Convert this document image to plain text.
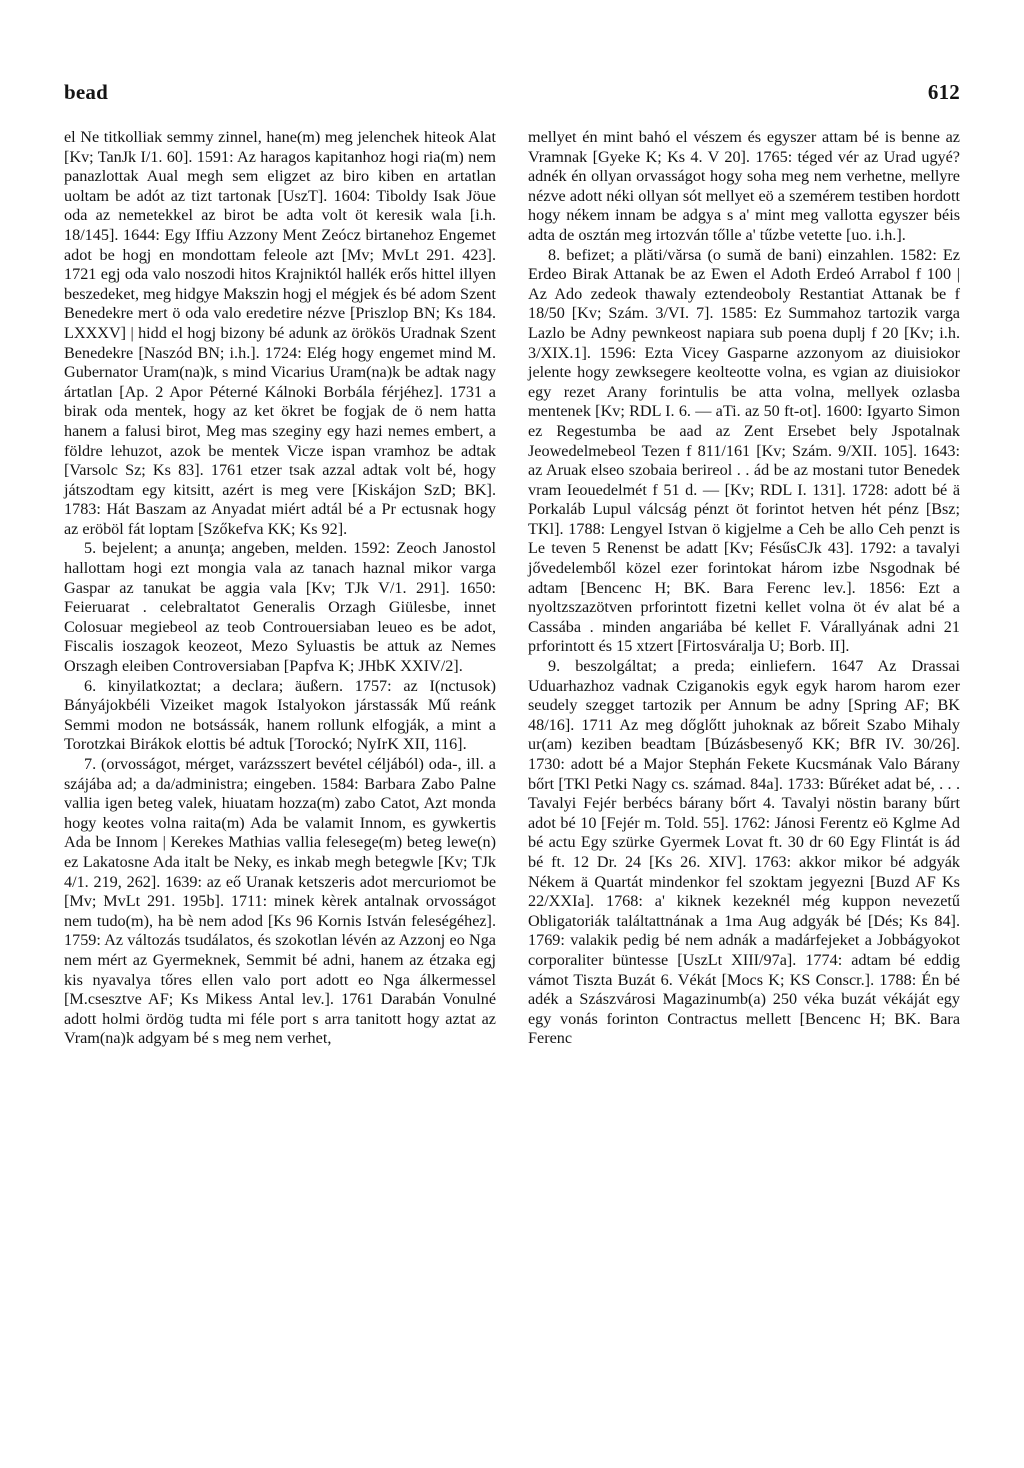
bead	612

el Ne titkolliak semmy zinnel, hane(m) meg jelenchek hiteok Alat [Kv; TanJk I/1. 60]. 1591: Az haragos kapitanhoz hogi ria(m) nem panazlottak Aual megh sem eligzet az biro kiben en artatlan uoltam be adót az tizt tartonak [UszT]. 1604: Tiboldy Isak Jöue oda az nemetekkel az birot be adta volt öt keresik wala [i.h. 18/145]. 1644: Egy Iffiu Azzony Ment Zeócz birtanehoz Engemet adot be hogj en mondottam feleole azt [Mv; MvLt 291. 423]. 1721 egj oda valo noszodi hitos Krajniktól hallék erős hittel illyen beszedeket, meg hidgye Makszin hogj el mégjek és bé adom Szent Benedekre mert ö oda valo eredetire nézve [Priszlop BN; Ks 184. LXXXV] | hidd el hogj bizony bé adunk az örökös Uradnak Szent Benedekre [Naszód BN; i.h.]. 1724: Elég hogy engemet mind M. Gubernator Uram(na)k, s mind Vicarius Uram(na)k be adtak nagy ártatlan [Ap. 2 Apor Péterné Kálnoki Borbála férjéhez]. 1731 a birak oda mentek, hogy az ket ökret be fogjak de ö nem hatta hanem a falusi birot, Meg mas szeginy egy hazi nemes embert, a földre lehuzot, azok be mentek Vicze ispan vramhoz be adtak [Varsolc Sz; Ks 83]. 1761 etzer tsak azzal adtak volt bé, hogy játszodtam egy kitsitt, azért is meg vere [Kiskájon SzD; BK]. 1783: Hát Baszam az Anyadat miért adtál bé a Pr ectusnak hogy az eröböl fát loptam [Szőkefva KK; Ks 92].

5. bejelent; a anunţa; angeben, melden. 1592: Zeoch Janostol hallottam hogi ezt mongia vala az tanach haznal mikor varga Gaspar az tanukat be aggia vala [Kv; TJk V/1. 291]. 1650: Feieruarat . celebraltatot Generalis Orzagh Giülesbe, innet Colosuar megiebeol az teob Controuersiaban leueo es be adot, Fiscalis ioszagok keozeot, Mezo Syluastis be attuk az Nemes Orszagh eleiben Controversiaban [Papfva K; JHbK XXIV/2].

6. kinyilatkoztat; a declara; äußern. 1757: az I(nctusok) Bányájokbéli Vizeiket magok Istalyokon járstassák Mű reánk Semmi modon ne botsássák, hanem rollunk elfogják, a mint a Torotzkai Birákok elottis bé adtuk [Torockó; NyIrK XII, 116].

7. (orvosságot, mérget, varázsszert bevétel céljából) oda-, ill. a szájába ad; a da/administra; eingeben. 1584: Barbara Zabo Palne vallia igen beteg valek, hiuatam hozza(m) zabo Catot, Azt monda hogy keotes volna raita(m) Ada be valamit Innom, es gywkertis Ada be Innom | Kerekes Mathias vallia felesege(m) beteg lewe(n) ez Lakatosne Ada italt be Neky, es inkab megh betegwle [Kv; TJk 4/1. 219, 262]. 1639: az eő Uranak ketszeris adot mercuriomot be [Mv; MvLt 291. 195b]. 1711: minek kèrek antalnak orvosságot nem tudo(m), ha bè nem adod [Ks 96 Kornis István feleségéhez]. 1759: Az változás tsudálatos, és szokotlan lévén az Azzonj eo Nga nem mért az Gyermeknek, Semmit bé adni, hanem az étzaka egj kis nyavalya tőres ellen valo port adott eo Nga álkermessel [M.csesztve AF; Ks Mikess Antal lev.]. 1761 Darabán Vonulné adott holmi ördög tudta mi féle port s arra tanitott hogy aztat az Vram(na)k adgyam bé s meg nem verhet,

mellyet én mint bahó el vészem és egyszer attam bé is benne az Vramnak [Gyeke K; Ks 4. V 20]. 1765: téged vér az Urad ugyé? adnék én ollyan orvasságot hogy soha meg nem verhetne, mellyre nézve adott néki ollyan sót mellyet eö a szemérem testiben hordott hogy nékem innam be adgya s a' mint meg vallotta egyszer béis adta de osztán meg irtozván tőlle a' tűzbe vetette [uo. i.h.].

8. befizet; a plăti/vărsa (o sumă de bani) einzahlen. 1582: Ez Erdeo Birak Attanak be az Ewen el Adoth Erdeó Arrabol f 100 | Az Ado zedeok thawaly eztendeoboly Restantiat Attanak be f 18/50 [Kv; Szám. 3/VI. 7]. 1585: Ez Summahoz tartozik varga Lazlo be Adny pewnkeost napiara sub poena duplj f 20 [Kv; i.h. 3/XIX.1]. 1596: Ezta Vicey Gasparne azzonyom az diuisiokor jelente hogy zewksegere keolteotte volna, es vgian az diuisiokor egy rezet Arany forintulis be atta volna, mellyek ozlasba mentenek [Kv; RDL I. 6. — aTi. az 50 ft-ot]. 1600: Igyarto Simon ez Regestumba be aad az Zent Ersebet bely Jspotalnak Jeowedelmebeol Tezen f 811/161 [Kv; Szám. 9/XII. 105]. 1643: az Aruak elseo szobaia berireol . . ád be az mostani tutor Benedek vram Ieouedelmét f 51 d. — [Kv; RDL I. 131]. 1728: adott bé ä Porkaláb Lupul válcság pénzt öt forintot hetven hét pénz [Bsz; TKl]. 1788: Lengyel Istvan ö kigjelme a Ceh be allo Ceh penzt is Le teven 5 Renenst be adatt [Kv; FésűsCJk 43]. 1792: a tavalyi jővedelemből közel ezer forintokat három izbe Nsgodnak bé adtam [Bencenc H; BK. Bara Ferenc lev.]. 1856: Ezt a nyoltzszazötven prforintott fizetni kellet volna öt év alat bé a Cassába . minden angariába bé kellet F. Várallyának adni 21 prforintott és 15 xtzert [Firtosváralja U; Borb. II].

9. beszolgáltat; a preda; einliefern. 1647 Az Drassai Uduarhazhoz vadnak Cziganokis egyk egyk harom harom ezer seudely szegget tartozik per Annum be adny [Spring AF; BK 48/16]. 1711 Az meg dőglőtt juhoknak az bőreit Szabo Mihaly ur(am) keziben beadtam [Búzásbesenyő KK; BfR IV. 30/26]. 1730: adott bé a Major Stephán Fekete Kucsmának Valo Bárany bőrt [TKl Petki Nagy cs. számad. 84a]. 1733: Bűréket adat bé, . . . Tavalyi Fejér berbécs bárany bőrt 4. Tavalyi nöstin barany bűrt adot bé 10 [Fejér m. Told. 55]. 1762: Jánosi Ferentz eö Kglme Ad bé actu Egy szürke Gyermek Lovat ft. 30 dr 60 Egy Flintát is ád bé ft. 12 Dr. 24 [Ks 26. XIV]. 1763: akkor mikor bé adgyák Nékem ä Quartát mindenkor fel szoktam jegyezni [Buzd AF Ks 22/XXIa]. 1768: a' kiknek kezeknél még kuppon nevezetű Obligatoriák találtattnának a 1ma Aug adgyák bé [Dés; Ks 84]. 1769: valakik pedig bé nem adnák a madárfejeket a Jobbágyokot corporaliter büntesse [UszLt XIII/97a]. 1774: adtam bé eddig vámot Tiszta Buzát 6. Vékát [Mocs K; KS Conscr.]. 1788: Én bé adék a Szászvárosi Magazinumb(a) 250 véka buzát vékáját egy egy vonás forinton Contractus mellett [Bencenc H; BK. Bara Ferenc
